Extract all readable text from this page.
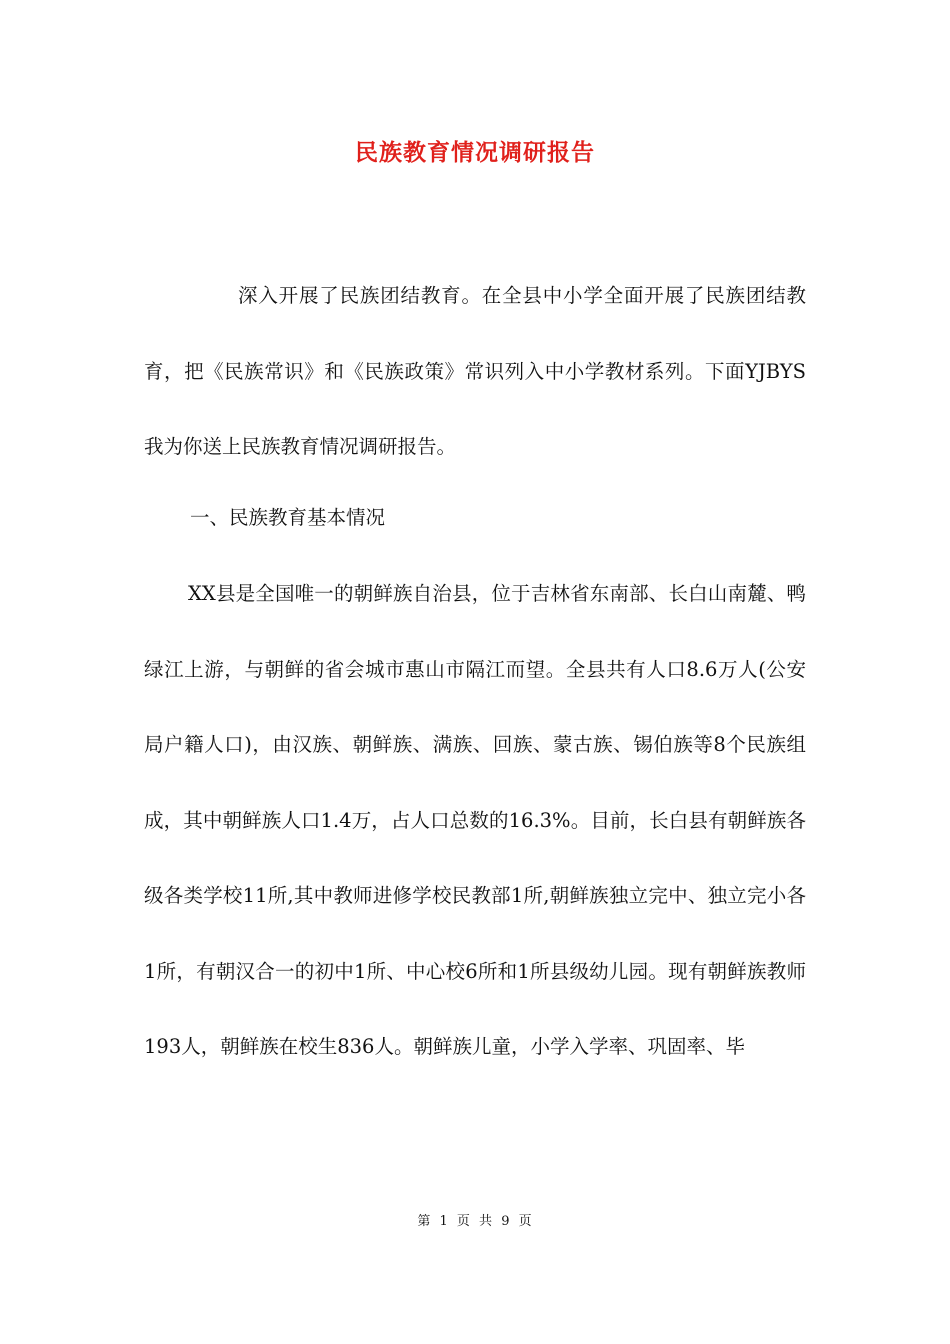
民族教育情况调研报告
深入开展了民族团结教育。在全县中小学全面开展了民族团结教育，把《民族常识》和《民族政策》常识列入中小学教材系列。下面YJBYS我为你送上民族教育情况调研报告。
一、民族教育基本情况
XX县是全国唯一的朝鲜族自治县，位于吉林省东南部、长白山南麓、鸭绿江上游，与朝鲜的省会城市惠山市隔江而望。全县共有人口8.6万人(公安局户籍人口)，由汉族、朝鲜族、满族、回族、蒙古族、锡伯族等8个民族组成，其中朝鲜族人口1.4万，占人口总数的16.3%。目前，长白县有朝鲜族各级各类学校11所,其中教师进修学校民教部1所,朝鲜族独立完中、独立完小各1所，有朝汉合一的初中1所、中心校6所和1所县级幼儿园。现有朝鲜族教师193人，朝鲜族在校生836人。朝鲜族儿童，小学入学率、巩固率、毕
第 1 页 共 9 页
